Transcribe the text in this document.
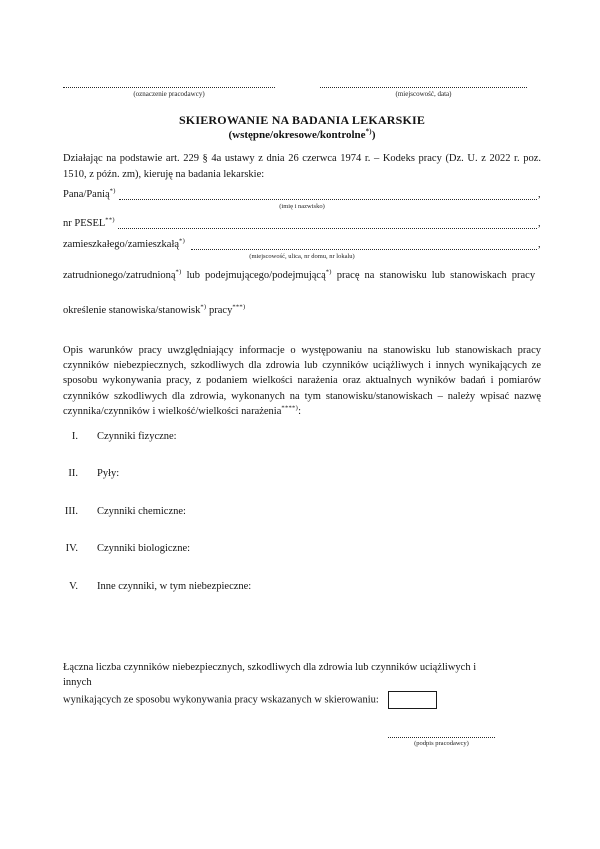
(oznaczenie pracodawcy)	(miejscowość, data)
SKIEROWANIE NA BADANIA LEKARSKIE
(wstępne/okresowe/kontrolne*))

Działając na podstawie art. 229 § 4a ustawy z dnia 26 czerwca 1974 r. – Kodeks pracy (Dz. U. z 2022 r. poz. 1510, z późn. zm), kieruję na badania lekarskie:

Pana/Panią*)	,
(imię i nazwisko)
nr PESEL**)	,
zamieszkałego/zamieszkałą*)	,
(miejscowość, ulica, nr domu, nr lokalu)
zatrudnionego/zatrudnioną*) lub podejmującego/podejmującą*) pracę na stanowisku lub stanowiskach pracy
określenie stanowiska/stanowisk*) pracy***)

Opis warunków pracy uwzględniający informacje o występowaniu na stanowisku lub stanowiskach pracy czynników niebezpiecznych, szkodliwych dla zdrowia lub czynników uciążliwych i innych wynikających ze sposobu wykonywania pracy, z podaniem wielkości narażenia oraz aktualnych wyników badań i pomiarów czynników szkodliwych dla zdrowia, wykonanych na tym stanowisku/stanowiskach – należy wpisać nazwę czynnika/czynników i wielkość/wielkości narażenia****):

I. Czynniki fizyczne:
II. Pyły:
III. Czynniki chemiczne:
IV. Czynniki biologiczne:
V. Inne czynniki, w tym niebezpieczne:
Łączna liczba czynników niebezpiecznych, szkodliwych dla zdrowia lub czynników uciążliwych i innych
wynikających ze sposobu wykonywania pracy wskazanych w skierowaniu:
(podpis pracodawcy)
